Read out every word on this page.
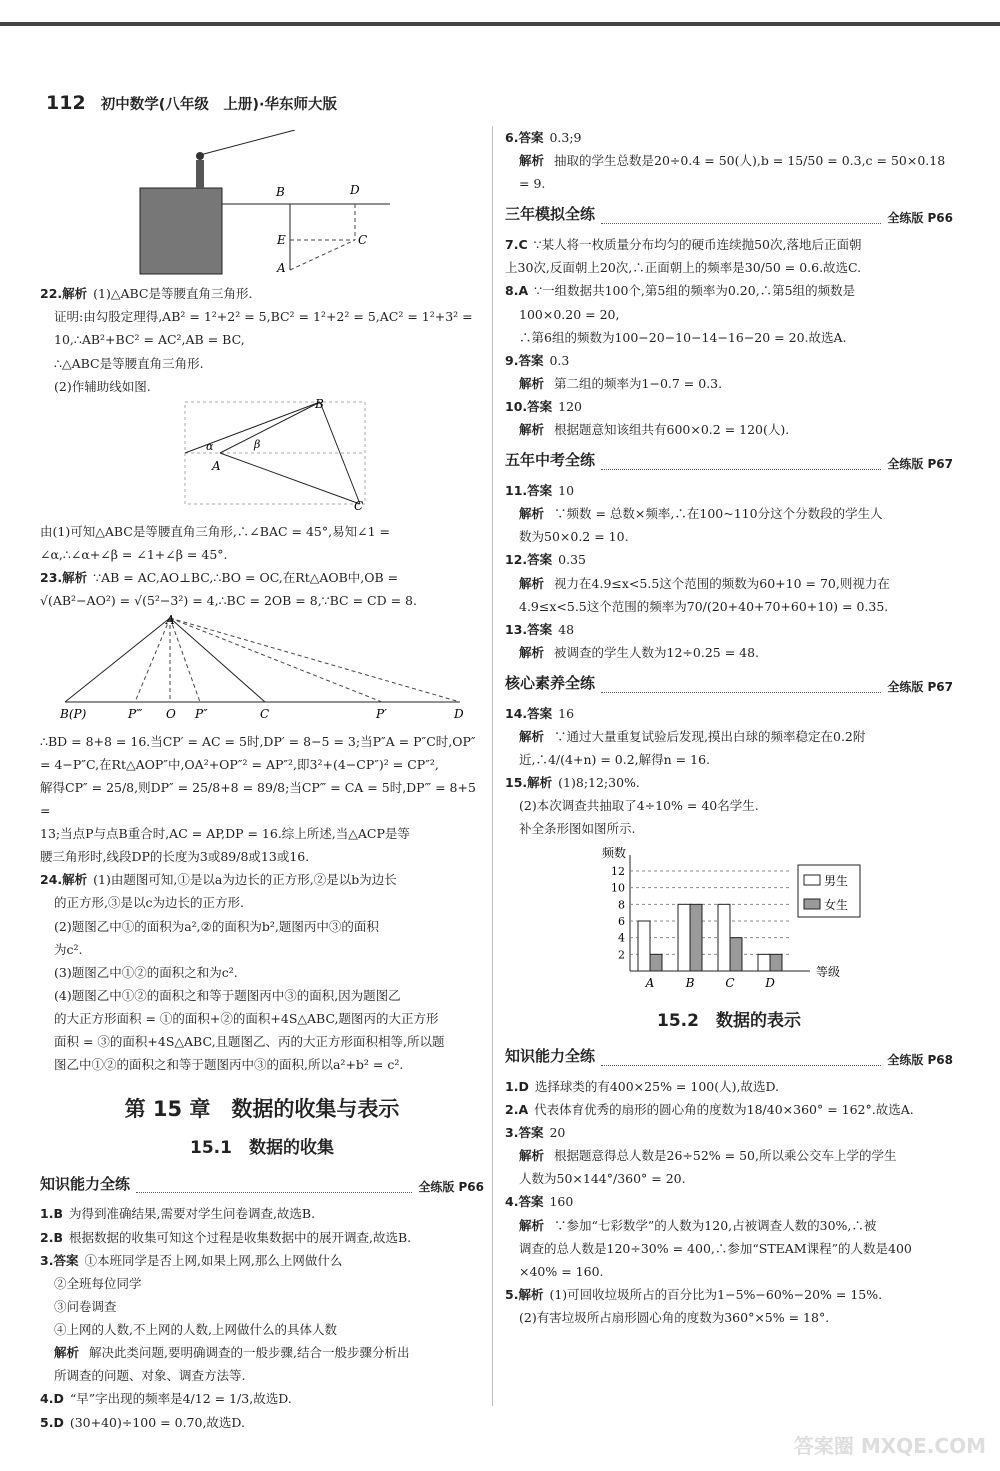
112 初中数学(八年级　上册)·华东师大版
B	D
E	C
A

22.解析 (1)△ABC是等腰直角三角形.

证明:由勾股定理得,AB² = 1²+2² = 5,BC² = 1²+2² = 5,AC² = 1²+3² =

10,∴AB²+BC² = AC²,AB = BC,

∴△ABC是等腰直角三角形.

(2)作辅助线如图.

B
A
C
α	β

由(1)可知△ABC是等腰直角三角形,∴∠BAC = 45°,易知∠1 =

∠α,∴∠α+∠β = ∠1+∠β = 45°.

23.解析 ∵AB = AC,AO⊥BC,∴BO = OC,在Rt△AOB中,OB =

√(AB²−AO²) = √(5²−3²) = 4,∴BC = 2OB = 8,∵BC = CD = 8.

A
B(P)	P‴ O P″	C	P′	D

∴BD = 8+8 = 16.当CP′ = AC = 5时,DP′ = 8−5 = 3;当P″A = P″C时,OP″

= 4−P″C,在Rt△AOP″中,OA²+OP″² = AP″²,即3²+(4−CP″)² = CP″²,

解得CP″ = 25/8,则DP″ = 25/8+8 = 89/8;当CP‴ = CA = 5时,DP‴ = 8+5 =

13;当点P与点B重合时,AC = AP,DP = 16.综上所述,当△ACP是等

腰三角形时,线段DP的长度为3或89/8或13或16.

24.解析 (1)由题图可知,①是以a为边长的正方形,②是以b为边长

的正方形,③是以c为边长的正方形.

(2)题图乙中①的面积为a²,②的面积为b²,题图丙中③的面积

为c².

(3)题图乙中①②的面积之和为c².

(4)题图乙中①②的面积之和等于题图丙中③的面积,因为题图乙

的大正方形面积 = ①的面积+②的面积+4S△ABC,题图丙的大正方形

面积 = ③的面积+4S△ABC,且题图乙、丙的大正方形面积相等,所以题

图乙中①②的面积之和等于题图丙中③的面积,所以a²+b² = c².

第 15 章　数据的收集与表示
15.1　数据的收集
知识能力全练	全练版 P66

1.B 为得到准确结果,需要对学生问卷调查,故选B.

2.B 根据数据的收集可知这个过程是收集数据中的展开调查,故选B.

3.答案 ①本班同学是否上网,如果上网,那么上网做什么

②全班每位同学

③问卷调查

④上网的人数,不上网的人数,上网做什么的具体人数

解析 解决此类问题,要明确调查的一般步骤,结合一般步骤分析出

所调查的问题、对象、调查方法等.

4.D “早”字出现的频率是4/12 = 1/3,故选D.

5.D (30+40)÷100 = 0.70,故选D.

6.答案 0.3;9

解析 抽取的学生总数是20÷0.4 = 50(人),b = 15/50 = 0.3,c = 50×0.18

= 9.

三年模拟全练	全练版 P66

7.C ∵某人将一枚质量分布均匀的硬币连续抛50次,落地后正面朝

上30次,反面朝上20次,∴正面朝上的频率是30/50 = 0.6.故选C.

8.A ∵一组数据共100个,第5组的频率为0.20,∴第5组的频数是

100×0.20 = 20,

∴第6组的频数为100−20−10−14−16−20 = 20.故选A.

9.答案 0.3

解析 第二组的频率为1−0.7 = 0.3.

10.答案 120

解析 根据题意知该组共有600×0.2 = 120(人).

五年中考全练	全练版 P67

11.答案 10

解析 ∵频数 = 总数×频率,∴在100~110分这个分数段的学生人

数为50×0.2 = 10.

12.答案 0.35

解析 视力在4.9≤x<5.5这个范围的频数为60+10 = 70,则视力在

4.9≤x<5.5这个范围的频率为70/(20+40+70+60+10) = 0.35.

13.答案 48

解析 被调查的学生人数为12÷0.25 = 48.

核心素养全练	全练版 P67

14.答案 16

解析 ∵通过大量重复试验后发现,摸出白球的频率稳定在0.2附

近,∴4/(4+n) = 0.2,解得n = 16.

15.解析 (1)8;12;30%.

(2)本次调查共抽取了4÷10% = 40名学生.

补全条形图如图所示.

频数
等级
2
4
6
8
10
12
A	B	C	D
男生
女生
15.2　数据的表示
知识能力全练	全练版 P68

1.D 选择球类的有400×25% = 100(人),故选D.

2.A 代表体育优秀的扇形的圆心角的度数为18/40×360° = 162°.故选A.

3.答案 20

解析 根据题意得总人数是26÷52% = 50,所以乘公交车上学的学生

人数为50×144°/360° = 20.

4.答案 160

解析 ∵参加“七彩数学”的人数为120,占被调查人数的30%,∴被

调查的总人数是120÷30% = 400,∴参加“STEAM课程”的人数是400

×40% = 160.

5.解析 (1)可回收垃圾所占的百分比为1−5%−60%−20% = 15%.

(2)有害垃圾所占扇形圆心角的度数为360°×5% = 18°.

答案圈 MXQE.COM
